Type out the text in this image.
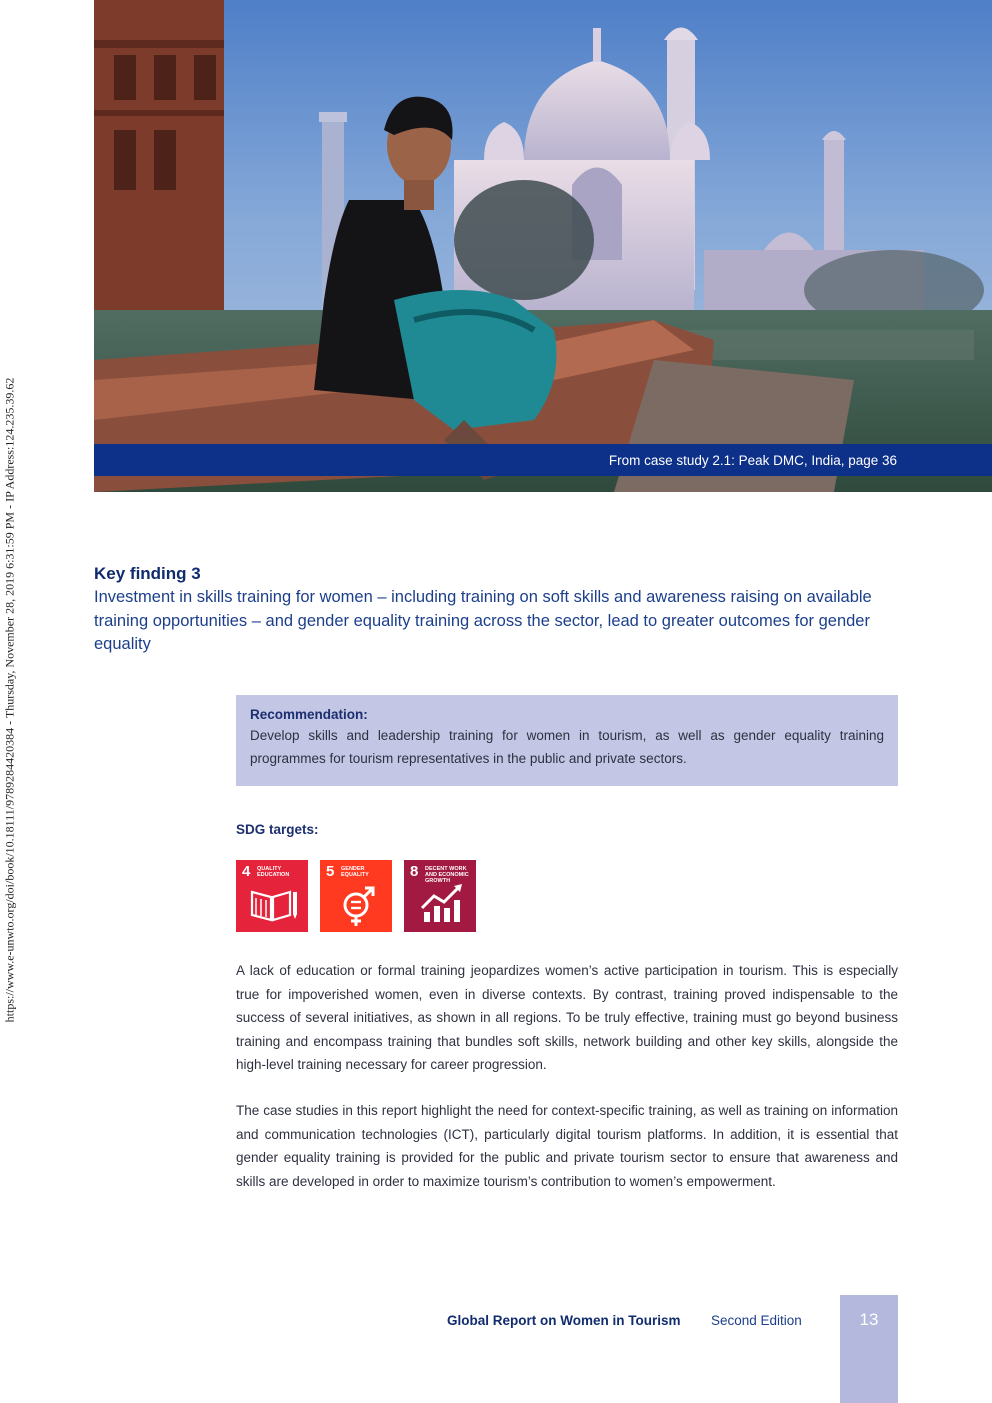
https://www.e-unwto.org/doi/book/10.18111/9789284420384 - Thursday, November 28, 2019 6:31:59 PM - IP Address:124.235.39.62	From case study 2.1: Peak DMC, India, page 36
Key finding 3
Investment in skills training for women – including training on soft skills and awareness raising on available training opportunities – and gender equality training across the sector, lead to greater outcomes for gender equality
Recommendation:
Develop skills and leadership training for women in tourism, as well as gender equality training programmes for tourism representatives in the public and private sectors.
SDG targets:
4 QUALITY EDUCATION	5 GENDER EQUALITY	8 DECENT WORK AND ECONOMIC GROWTH
A lack of education or formal training jeopardizes women’s active participation in tourism. This is especially true for impoverished women, even in diverse contexts. By contrast, training proved indispensable to the success of several initiatives, as shown in all regions. To be truly effective, training must go beyond business training and encompass training that bundles soft skills, network building and other key skills, alongside the high-level training necessary for career progression.
The case studies in this report highlight the need for context-specific training, as well as training on information and communication technologies (ICT), particularly digital tourism platforms. In addition, it is essential that gender equality training is provided for the public and private tourism sector to ensure that awareness and skills are developed in order to maximize tourism’s contribution to women’s empowerment.
Global Report on Women in Tourism Second Edition	13
